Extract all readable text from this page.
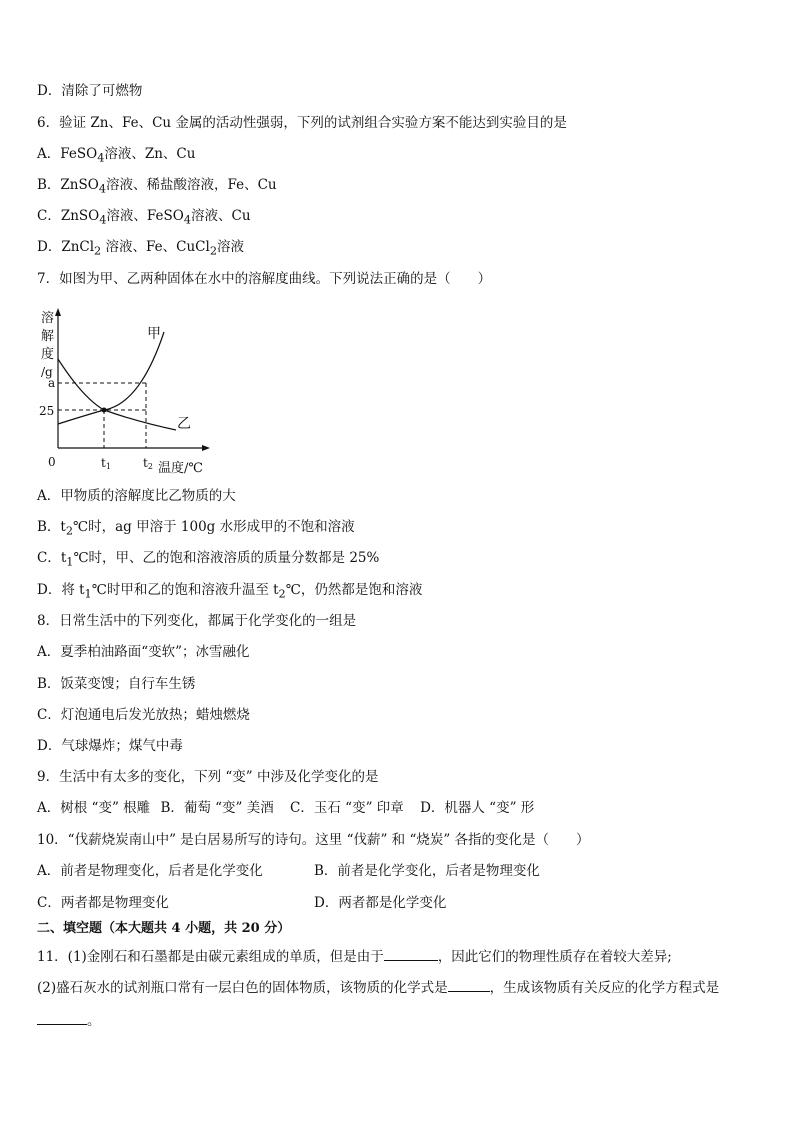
D．清除了可燃物
6．验证 Zn、Fe、Cu 金属的活动性强弱，下列的试剂组合实验方案不能达到实验目的是
A．FeSO$_4$溶液、Zn、Cu
B．ZnSO$_4$溶液、稀盐酸溶液，Fe、Cu
C．ZnSO$_4$溶液、FeSO$_4$溶液、Cu
D．ZnCl$_2$ 溶液、Fe、CuCl$_2$溶液
7．如图为甲、乙两种固体在水中的溶解度曲线。下列说法正确的是（　　）
溶
解
度
/g
0
a
25
t1	t2 温度/℃
甲
乙
A．甲物质的溶解度比乙物质的大
B．$t_2℃$时，ag 甲溶于 100g 水形成甲的不饱和溶液
C．$t_1℃$时，甲、乙的饱和溶液溶质的质量分数都是 25%
D．将 $t_1℃$时甲和乙的饱和溶液升温至 $t_2℃$，仍然都是饱和溶液
8．日常生活中的下列变化，都属于化学变化的一组是
A．夏季柏油路面“变软”；冰雪融化
B．饭菜变馊；自行车生锈
C．灯泡通电后发光放热；蜡烛燃烧
D．气球爆炸；煤气中毒
9．生活中有太多的变化，下列 “变” 中涉及化学变化的是
A．树根 “变” 根雕 B．葡萄 “变” 美酒 C．玉石 “变” 印章 D．机器人 “变” 形
10．“伐薪烧炭南山中” 是白居易所写的诗句。这里 “伐薪” 和 “烧炭” 各指的变化是（　　）
A．前者是物理变化，后者是化学变化	B．前者是化学变化，后者是物理变化
C．两者都是物理变化	D．两者都是化学变化
二、填空题（本大题共 4 小题，共 20 分）
11．(1)金刚石和石墨都是由碳元素组成的单质，但是由于	，因此它们的物理性质存在着较大差异;
(2)盛石灰水的试剂瓶口常有一层白色的固体物质，该物质的化学式是	，生成该物质有关反应的化学方程式是
。
